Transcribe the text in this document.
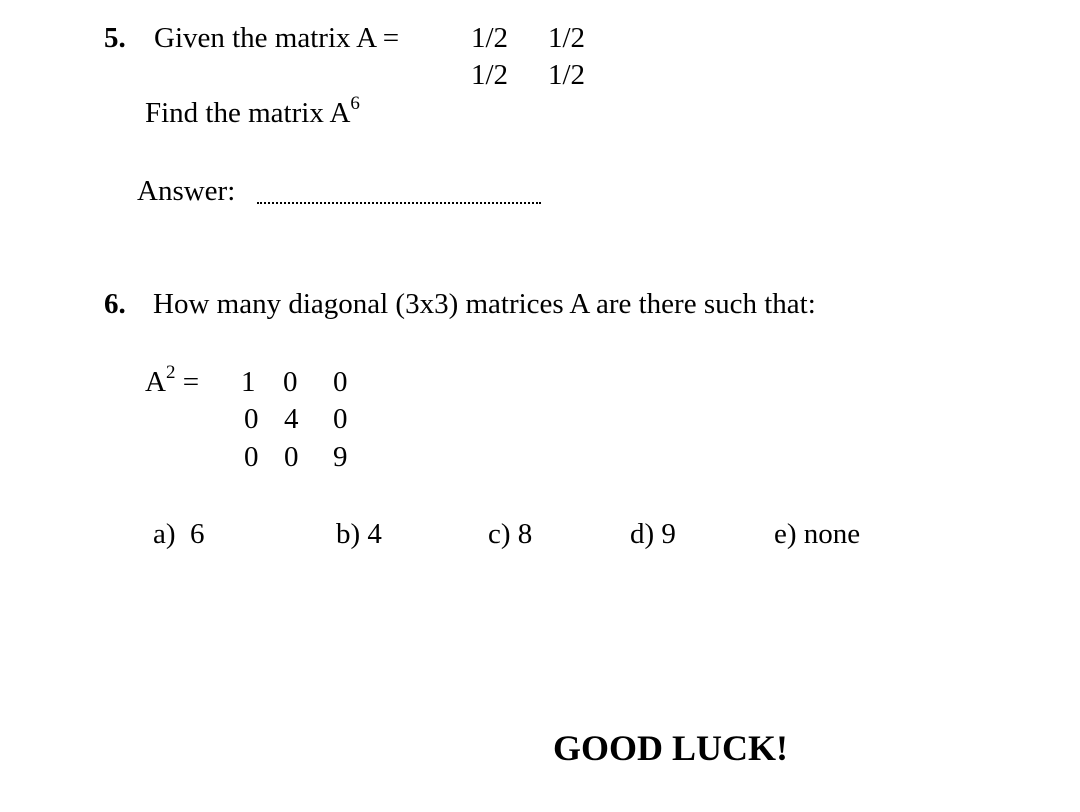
5. Given the matrix A = 1/2 1/2
1/2 1/2
Find the matrix $A^6$
Answer:
6. How many diagonal (3x3) matrices A are there such that:
$A^2 = 1$ 0 0
0 4 0
0 0 9
a) 6	b) 4	c) 8	d) 9	e) none
GOOD LUCK!
